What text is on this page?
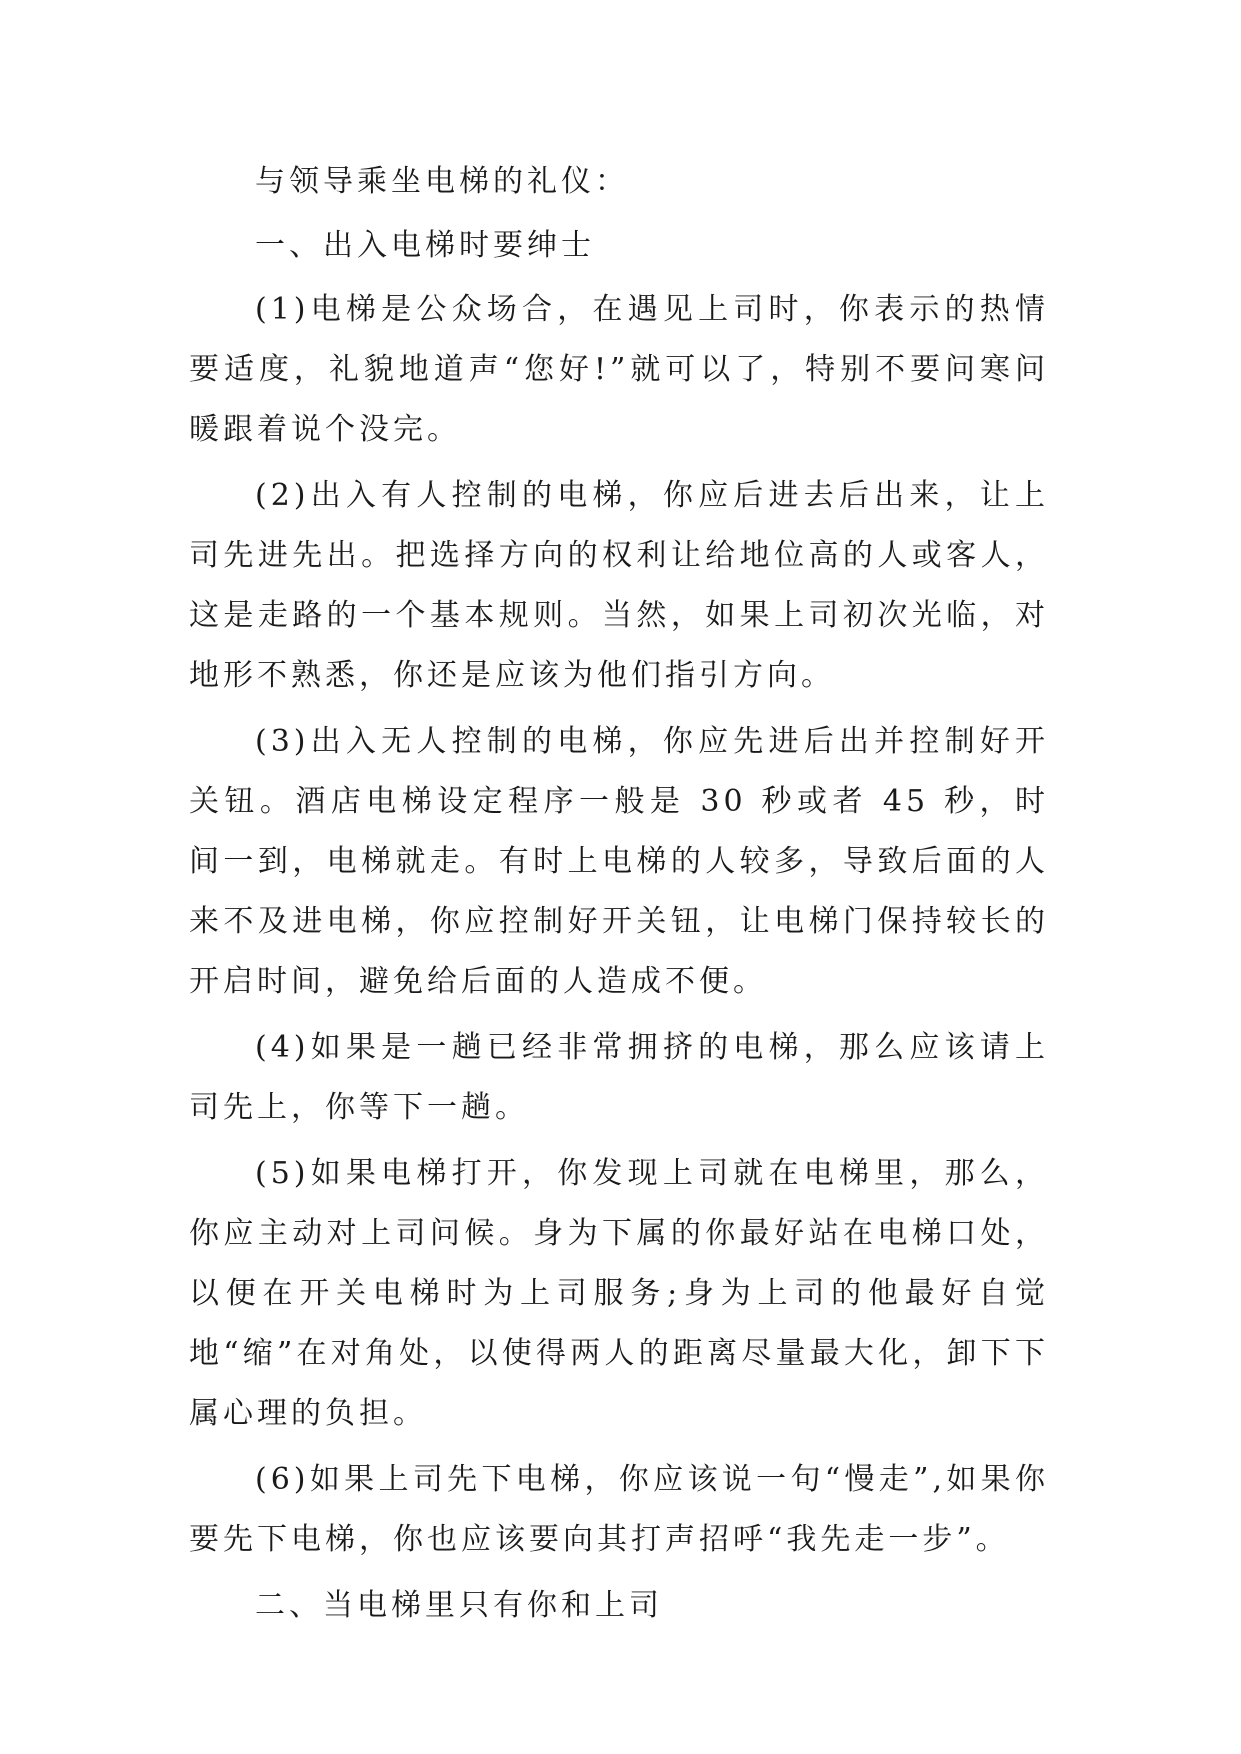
与领导乘坐电梯的礼仪：

一、出入电梯时要绅士

(1)电梯是公众场合，在遇见上司时，你表示的热情要适度，礼貌地道声“您好!”就可以了，特别不要问寒问暖跟着说个没完。

(2)出入有人控制的电梯，你应后进去后出来，让上司先进先出。把选择方向的权利让给地位高的人或客人，这是走路的一个基本规则。当然，如果上司初次光临，对地形不熟悉，你还是应该为他们指引方向。

(3)出入无人控制的电梯，你应先进后出并控制好开关钮。酒店电梯设定程序一般是 30 秒或者 45 秒，时间一到，电梯就走。有时上电梯的人较多，导致后面的人来不及进电梯，你应控制好开关钮，让电梯门保持较长的开启时间，避免给后面的人造成不便。

(4)如果是一趟已经非常拥挤的电梯，那么应该请上司先上，你等下一趟。

(5)如果电梯打开，你发现上司就在电梯里，那么，你应主动对上司问候。身为下属的你最好站在电梯口处，以便在开关电梯时为上司服务;身为上司的他最好自觉地“缩”在对角处，以使得两人的距离尽量最大化，卸下下属心理的负担。

(6)如果上司先下电梯，你应该说一句“慢走”,如果你要先下电梯，你也应该要向其打声招呼“我先走一步”。

二、当电梯里只有你和上司
